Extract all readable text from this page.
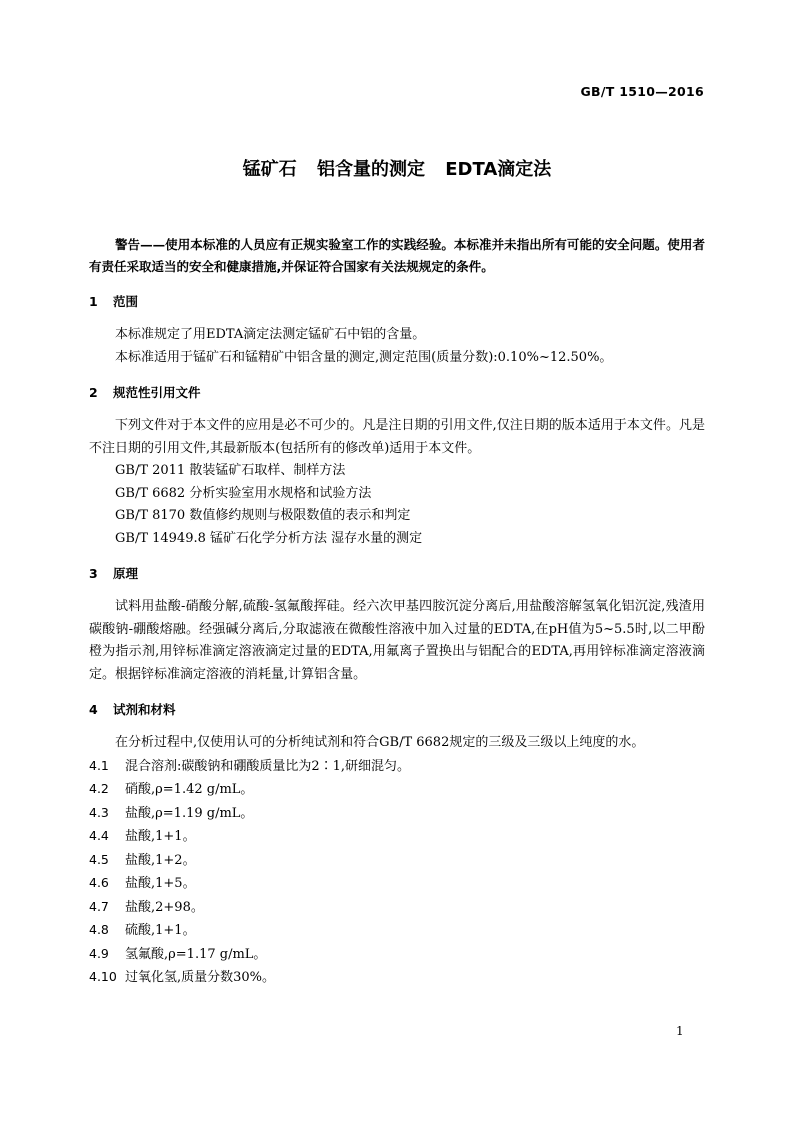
GB/T 1510—2016
锰矿石 铝含量的测定 EDTA滴定法

警告——使用本标准的人员应有正规实验室工作的实践经验。本标准并未指出所有可能的安全问题。使用者有责任采取适当的安全和健康措施,并保证符合国家有关法规规定的条件。

1 范围

本标准规定了用EDTA滴定法测定锰矿石中铝的含量。

本标准适用于锰矿石和锰精矿中铝含量的测定,测定范围(质量分数):0.10%~12.50%。

2 规范性引用文件

下列文件对于本文件的应用是必不可少的。凡是注日期的引用文件,仅注日期的版本适用于本文件。凡是不注日期的引用文件,其最新版本(包括所有的修改单)适用于本文件。

GB/T 2011 散装锰矿石取样、制样方法

GB/T 6682 分析实验室用水规格和试验方法

GB/T 8170 数值修约规则与极限数值的表示和判定

GB/T 14949.8 锰矿石化学分析方法 湿存水量的测定

3 原理

试料用盐酸-硝酸分解,硫酸-氢氟酸挥硅。经六次甲基四胺沉淀分离后,用盐酸溶解氢氧化铝沉淀,残渣用碳酸钠-硼酸熔融。经强碱分离后,分取滤液在微酸性溶液中加入过量的EDTA,在pH值为5~5.5时,以二甲酚橙为指示剂,用锌标准滴定溶液滴定过量的EDTA,用氟离子置换出与铝配合的EDTA,再用锌标准滴定溶液滴定。根据锌标准滴定溶液的消耗量,计算铝含量。

4 试剂和材料

在分析过程中,仅使用认可的分析纯试剂和符合GB/T 6682规定的三级及三级以上纯度的水。

4.1 混合溶剂:碳酸钠和硼酸质量比为2∶1,研细混匀。

4.2 硝酸,ρ=1.42 g/mL。

4.3 盐酸,ρ=1.19 g/mL。

4.4 盐酸,1+1。

4.5 盐酸,1+2。

4.6 盐酸,1+5。

4.7 盐酸,2+98。

4.8 硫酸,1+1。

4.9 氢氟酸,ρ=1.17 g/mL。

4.10 过氧化氢,质量分数30%。

1
